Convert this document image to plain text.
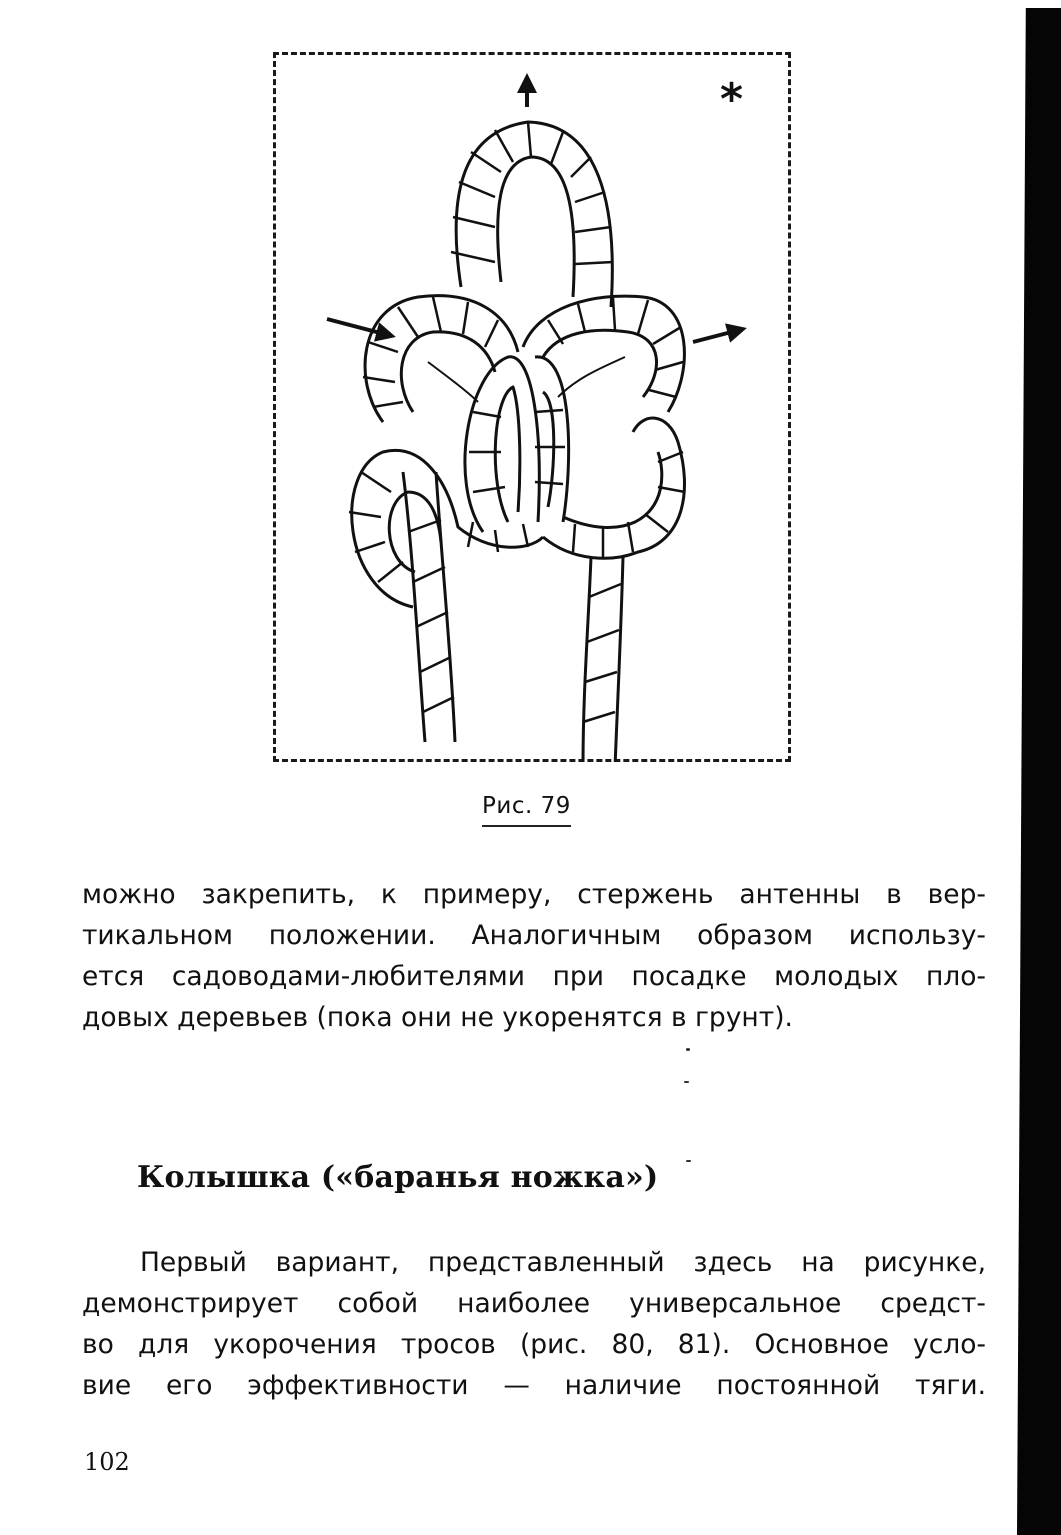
*
Рис. 79
можно закрепить, к примеру, стержень антенны в вер-
тикальном положении. Аналогичным образом использу-
ется садоводами-любителями при посадке молодых пло-
довых деревьев (пока они не укоренятся в грунт).
Колышка («баранья ножка»)
Первый вариант, представленный здесь на рисунке,
демонстрирует собой наиболее универсальное средст-
во для укорочения тросов (рис. 80, 81). Основное усло-
вие его эффективности — наличие постоянной тяги.
102
